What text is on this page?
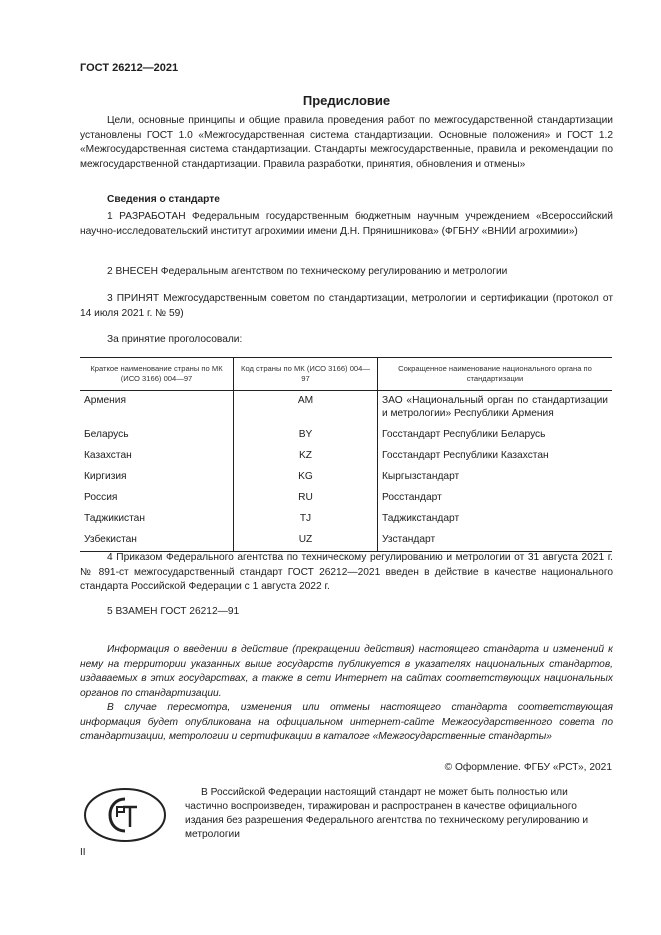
ГОСТ 26212—2021
Предисловие
Цели, основные принципы и общие правила проведения работ по межгосударственной стандартизации установлены ГОСТ 1.0 «Межгосударственная система стандартизации. Основные положения» и ГОСТ 1.2 «Межгосударственная система стандартизации. Стандарты межгосударственные, правила и рекомендации по межгосударственной стандартизации. Правила разработки, принятия, обновления и отмены»
Сведения о стандарте
1 РАЗРАБОТАН Федеральным государственным бюджетным научным учреждением «Всероссийский научно-исследовательский институт агрохимии имени Д.Н. Прянишникова» (ФГБНУ «ВНИИ агрохимии»)
2 ВНЕСЕН Федеральным агентством по техническому регулированию и метрологии
3 ПРИНЯТ Межгосударственным советом по стандартизации, метрологии и сертификации (протокол от 14 июля 2021 г. № 59)
За принятие проголосовали:
Краткое наименование страны по МК (ИСО 3166) 004—97	Код страны по МК (ИСО 3166) 004—97	Сокращенное наименование национального органа по стандартизации
Армения	AM	ЗАО «Национальный орган по стандартизации и метрологии» Республики Армения
Беларусь	BY	Госстандарт Республики Беларусь
Казахстан	KZ	Госстандарт Республики Казахстан
Киргизия	KG	Кыргызстандарт
Россия	RU	Росстандарт
Таджикистан	TJ	Таджикстандарт
Узбекистан	UZ	Узстандарт
4 Приказом Федерального агентства по техническому регулированию и метрологии от 31 августа 2021 г. № 891-ст межгосударственный стандарт ГОСТ 26212—2021 введен в действие в качестве национального стандарта Российской Федерации с 1 августа 2022 г.
5 ВЗАМЕН ГОСТ 26212—91
Информация о введении в действие (прекращении действия) настоящего стандарта и изменений к нему на территории указанных выше государств публикуется в указателях национальных стандартов, издаваемых в этих государствах, а также в сети Интернет на сайтах соответствующих национальных органов по стандартизации.
В случае пересмотра, изменения или отмены настоящего стандарта соответствующая информация будет опубликована на официальном интернет-сайте Межгосударственного совета по стандартизации, метрологии и сертификации в каталоге «Межгосударственные стандарты»
© Оформление. ФГБУ «РСТ», 2021
В Российской Федерации настоящий стандарт не может быть полностью или частично воспроизведен, тиражирован и распространен в качестве официального издания без разрешения Федерального агентства по техническому регулированию и метрологии
II
